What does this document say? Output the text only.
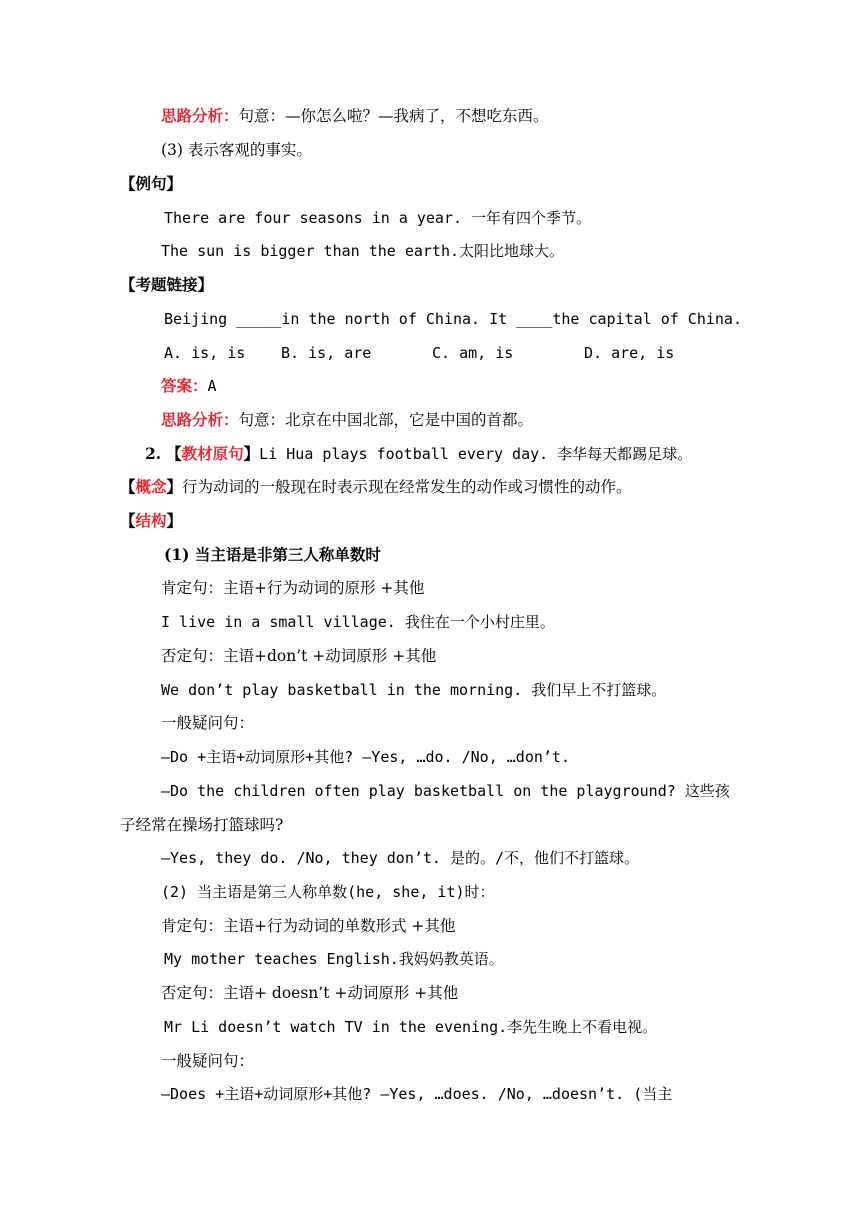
思路分析：句意：—你怎么啦？—我病了，不想吃东西。
(3) 表示客观的事实。
【例句】
There are four seasons in a year. 一年有四个季节。
The sun is bigger than the earth.太阳比地球大。
【考题链接】
Beijing _____in the north of China. It ____the capital of China.
A. is, is B. is, are	C. am, is	D. are, is
答案：A
思路分析：句意：北京在中国北部，它是中国的首都。
2. 【教材原句】Li Hua plays football every day. 李华每天都踢足球。
【概念】行为动词的一般现在时表示现在经常发生的动作或习惯性的动作。
【结构】
(1) 当主语是非第三人称单数时
肯定句：主语+行为动词的原形 +其他
I live in a small village. 我住在一个小村庄里。
否定句：主语+don’t +动词原形 +其他
We don’t play basketball in the morning. 我们早上不打篮球。
一般疑问句：
—Do +主语+动词原形+其他? —Yes, …do. /No, …don’t.
—Do the children often play basketball on the playground? 这些孩
子经常在操场打篮球吗?
—Yes, they do. /No, they don’t. 是的。/不，他们不打篮球。
(2) 当主语是第三人称单数(he, she, it)时：
肯定句：主语+行为动词的单数形式 +其他
My mother teaches English.我妈妈教英语。
否定句：主语+ doesn’t +动词原形 +其他
Mr Li doesn’t watch TV in the evening.李先生晚上不看电视。
一般疑问句：
—Does +主语+动词原形+其他? —Yes, …does. /No, …doesn’t. (当主
